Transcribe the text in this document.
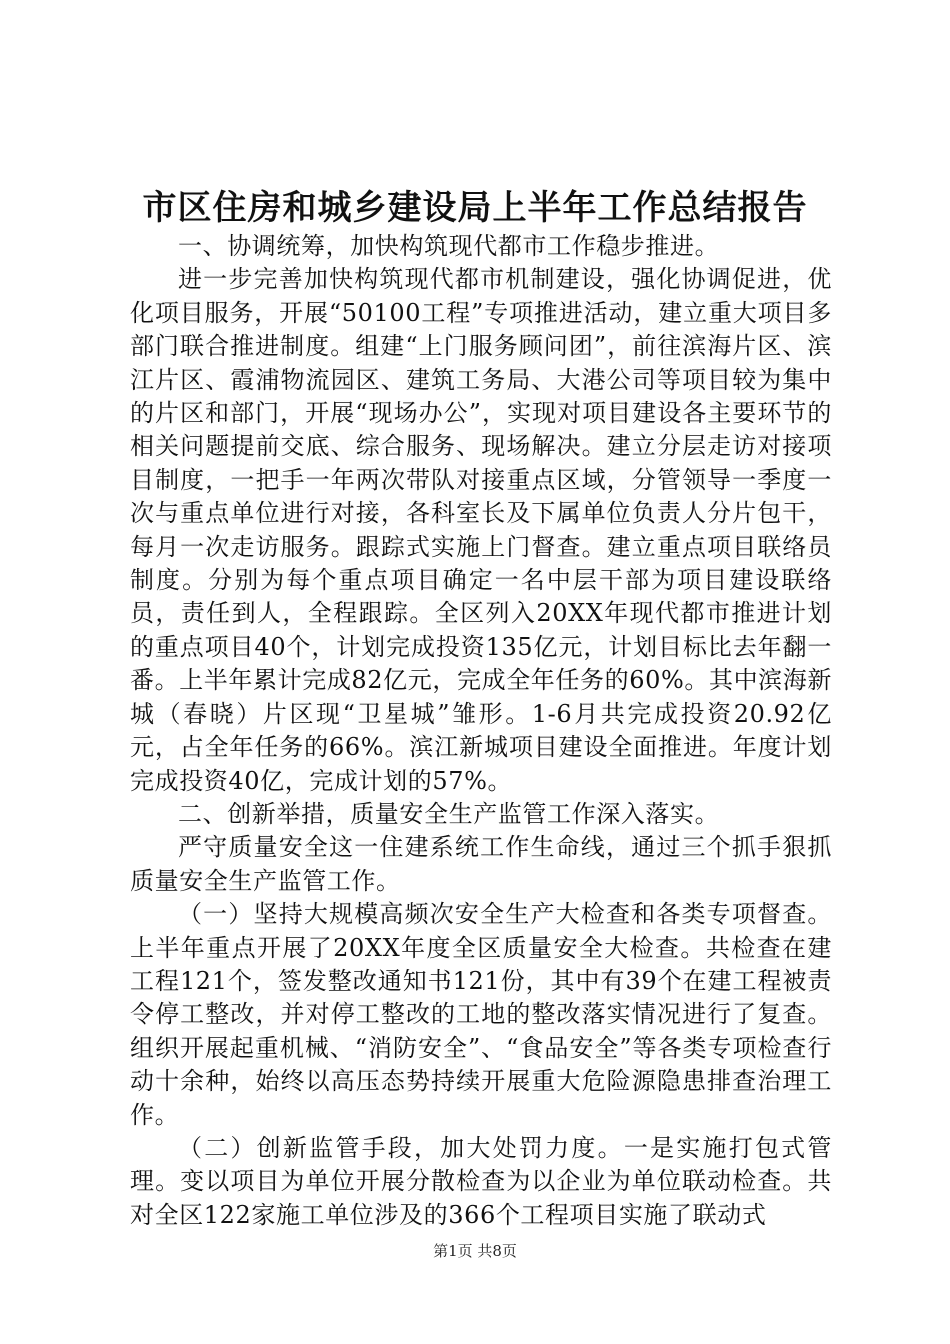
市区住房和城乡建设局上半年工作总结报告

一、协调统筹，加快构筑现代都市工作稳步推进。

进一步完善加快构筑现代都市机制建设，强化协调促进，优化项目服务，开展“50100工程”专项推进活动，建立重大项目多部门联合推进制度。组建“上门服务顾问团”，前往滨海片区、滨江片区、霞浦物流园区、建筑工务局、大港公司等项目较为集中的片区和部门，开展“现场办公”，实现对项目建设各主要环节的相关问题提前交底、综合服务、现场解决。建立分层走访对接项目制度，一把手一年两次带队对接重点区域，分管领导一季度一次与重点单位进行对接，各科室长及下属单位负责人分片包干，每月一次走访服务。跟踪式实施上门督查。建立重点项目联络员制度。分别为每个重点项目确定一名中层干部为项目建设联络员，责任到人，全程跟踪。全区列入20XX年现代都市推进计划的重点项目40个，计划完成投资135亿元，计划目标比去年翻一番。上半年累计完成82亿元，完成全年任务的60%。其中滨海新城（春晓）片区现“卫星城”雏形。1-6月共完成投资20.92亿元，占全年任务的66%。滨江新城项目建设全面推进。年度计划完成投资40亿，完成计划的57%。

二、创新举措，质量安全生产监管工作深入落实。

严守质量安全这一住建系统工作生命线，通过三个抓手狠抓质量安全生产监管工作。

（一）坚持大规模高频次安全生产大检查和各类专项督查。上半年重点开展了20XX年度全区质量安全大检查。共检查在建工程121个，签发整改通知书121份，其中有39个在建工程被责令停工整改，并对停工整改的工地的整改落实情况进行了复查。组织开展起重机械、“消防安全”、“食品安全”等各类专项检查行动十余种，始终以高压态势持续开展重大危险源隐患排查治理工作。

（二）创新监管手段，加大处罚力度。一是实施打包式管理。变以项目为单位开展分散检查为以企业为单位联动检查。共对全区122家施工单位涉及的366个工程项目实施了联动式

第1页 共8页
